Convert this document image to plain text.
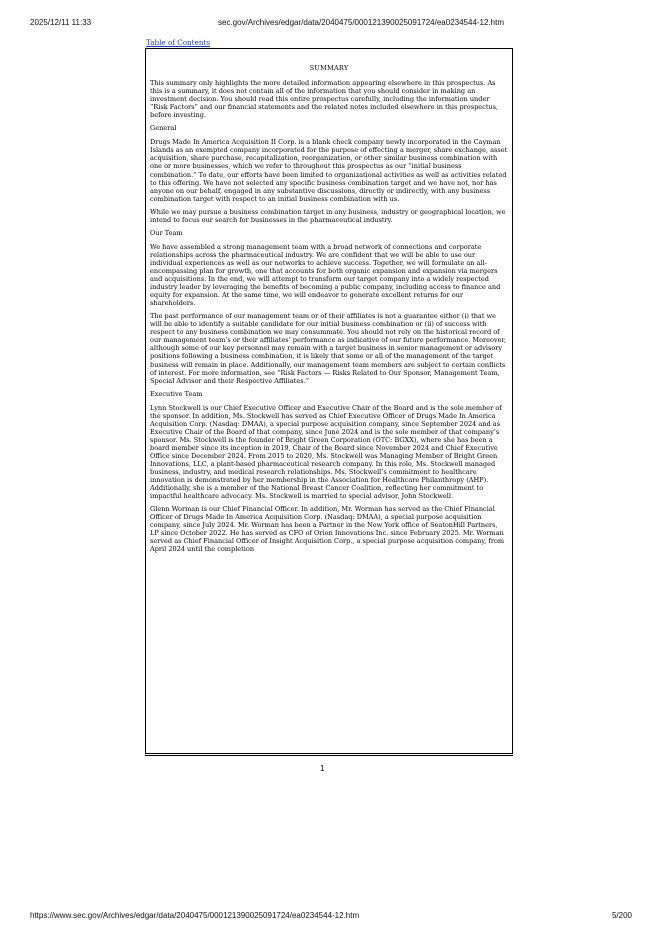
2025/12/11 11:33	sec.gov/Archives/edgar/data/2040475/000121390025091724/ea0234544-12.htm
Table of Contents
SUMMARY

This summary only highlights the more detailed information appearing elsewhere in this prospectus. As this is a summary, it does not contain all of the information that you should consider in making an investment decision. You should read this entire prospectus carefully, including the information under “Risk Factors” and our financial statements and the related notes included elsewhere in this prospectus, before investing.

General

Drugs Made In America Acquisition II Corp. is a blank check company newly incorporated in the Cayman Islands as an exempted company incorporated for the purpose of effecting a merger, share exchange, asset acquisition, share purchase, recapitalization, reorganization, or other similar business combination with one or more businesses, which we refer to throughout this prospectus as our “initial business combination.” To date, our efforts have been limited to organizational activities as well as activities related to this offering. We have not selected any specific business combination target and we have not, nor has anyone on our behalf, engaged in any substantive discussions, directly or indirectly, with any business combination target with respect to an initial business combination with us.

While we may pursue a business combination target in any business, industry or geographical location, we intend to focus our search for businesses in the pharmaceutical industry.

Our Team

We have assembled a strong management team with a broad network of connections and corporate relationships across the pharmaceutical industry. We are confident that we will be able to use our individual experiences as well as our networks to achieve success. Together, we will formulate an all-encompassing plan for growth, one that accounts for both organic expansion and expansion via mergers and acquisitions. In the end, we will attempt to transform our target company into a widely respected industry leader by leveraging the benefits of becoming a public company, including access to finance and equity for expansion. At the same time, we will endeavor to generate excellent returns for our shareholders.

The past performance of our management team or of their affiliates is not a guarantee either (i) that we will be able to identify a suitable candidate for our initial business combination or (ii) of success with respect to any business combination we may consummate. You should not rely on the historical record of our management team’s or their affiliates’ performance as indicative of our future performance. Moreover, although some of our key personnel may remain with a target business in senior management or advisory positions following a business combination, it is likely that some or all of the management of the target business will remain in place. Additionally, our management team members are subject to certain conflicts of interest. For more information, see “Risk Factors — Risks Related to Our Sponsor, Management Team, Special Advisor and their Respective Affiliates.”

Executive Team

Lynn Stockwell is our Chief Executive Officer and Executive Chair of the Board and is the sole member of the sponsor. In addition, Ms. Stockwell has served as Chief Executive Officer of Drugs Made In America Acquisition Corp. (Nasdaq: DMAA), a special purpose acquisition company, since September 2024 and as Executive Chair of the Board of that company, since June 2024 and is the sole member of that company’s sponsor. Ms. Stockwell is the founder of Bright Green Corporation (OTC: BGXX), where she has been a board member since its inception in 2019, Chair of the Board since November 2024 and Chief Executive Office since December 2024. From 2015 to 2020, Ms. Stockwell was Managing Member of Bright Green Innovations, LLC, a plant-based pharmaceutical research company. In this role, Ms. Stockwell managed business, industry, and medical research relationships. Ms. Stockwell’s commitment to healthcare innovation is demonstrated by her membership in the Association for Healthcare Philanthropy (AHP). Additionally, she is a member of the National Breast Cancer Coalition, reflecting her commitment to impactful healthcare advocacy. Ms. Stockwell is married to special advisor, John Stockwell.

Glenn Worman is our Chief Financial Officer. In addition, Mr. Worman has served as the Chief Financial Officer of Drugs Made In America Acquisition Corp. (Nasdaq: DMAA), a special purpose acquisition company, since July 2024. Mr. Worman has been a Partner in the New York office of SeatonHill Partners, LP since October 2022. He has served as CFO of Orion Innovations Inc. since February 2025. Mr. Worman served as Chief Financial Officer of Insight Acquisition Corp., a special purpose acquisition company, from April 2024 until the completion

1
https://www.sec.gov/Archives/edgar/data/2040475/000121390025091724/ea0234544-12.htm	5/200
